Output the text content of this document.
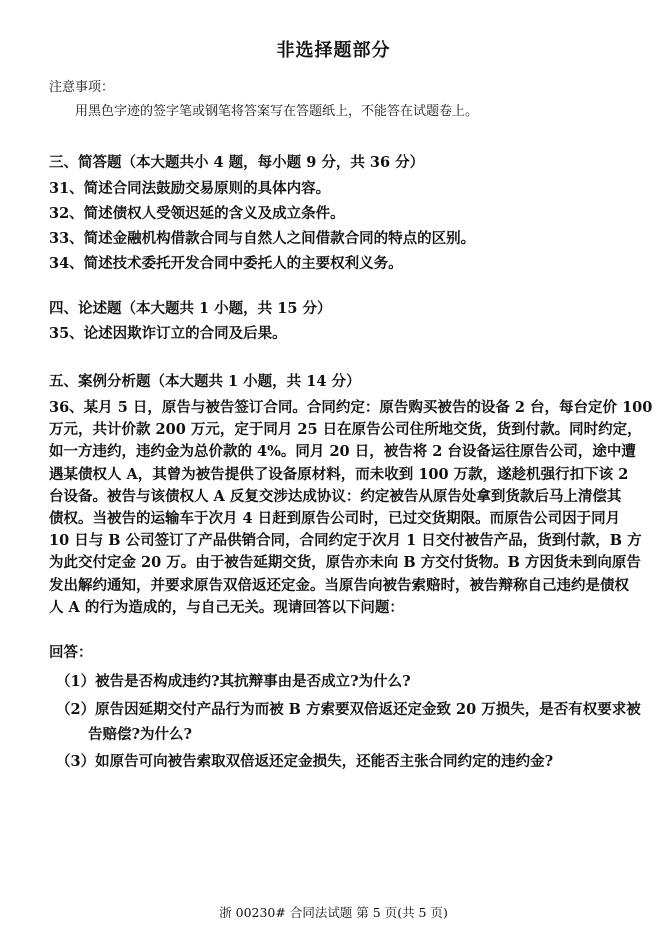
非选择题部分
注意事项：
用黑色字迹的签字笔或钢笔将答案写在答题纸上，不能答在试题卷上。
三、简答题（本大题共小 4 题，每小题 9 分，共 36 分）
31、简述合同法鼓励交易原则的具体内容。
32、简述债权人受领迟延的含义及成立条件。
33、简述金融机构借款合同与自然人之间借款合同的特点的区别。
34、简述技术委托开发合同中委托人的主要权利义务。
四、论述题（本大题共 1 小题，共 15 分）
35、论述因欺诈订立的合同及后果。
五、案例分析题（本大题共 1 小题，共 14 分）

36、某月 5 日，原告与被告签订合同。合同约定：原告购买被告的设备 2 台，每台定价 100

万元，共计价款 200 万元，定于同月 25 日在原告公司住所地交货，货到付款。同时约定，

如一方违约，违约金为总价款的 4%。同月 20 日，被告将 2 台设备运往原告公司，途中遭

遇某债权人 A，其曾为被告提供了设备原材料，而未收到 100 万款，遂趁机强行扣下该 2

台设备。被告与该债权人 A 反复交涉达成协议：约定被告从原告处拿到货款后马上清偿其

债权。当被告的运输车于次月 4 日赶到原告公司时，已过交货期限。而原告公司因于同月

10 日与 B 公司签订了产品供销合同，合同约定于次月 1 日交付被告产品，货到付款，B 方

为此交付定金 20 万。由于被告延期交货，原告亦未向 B 方交付货物。B 方因货未到向原告

发出解约通知，并要求原告双倍返还定金。当原告向被告索赔时，被告辩称自己违约是债权

人 A 的行为造成的，与自己无关。现请回答以下问题：

回答：
（1）被告是否构成违约?其抗辩事由是否成立?为什么?
（2）原告因延期交付产品行为而被 B 方索要双倍返还定金致 20 万损失，是否有权要求被
告赔偿?为什么?
（3）如原告可向被告索取双倍返还定金损失，还能否主张合同约定的违约金?
浙 00230# 合同法试题 第 5 页(共 5 页)
